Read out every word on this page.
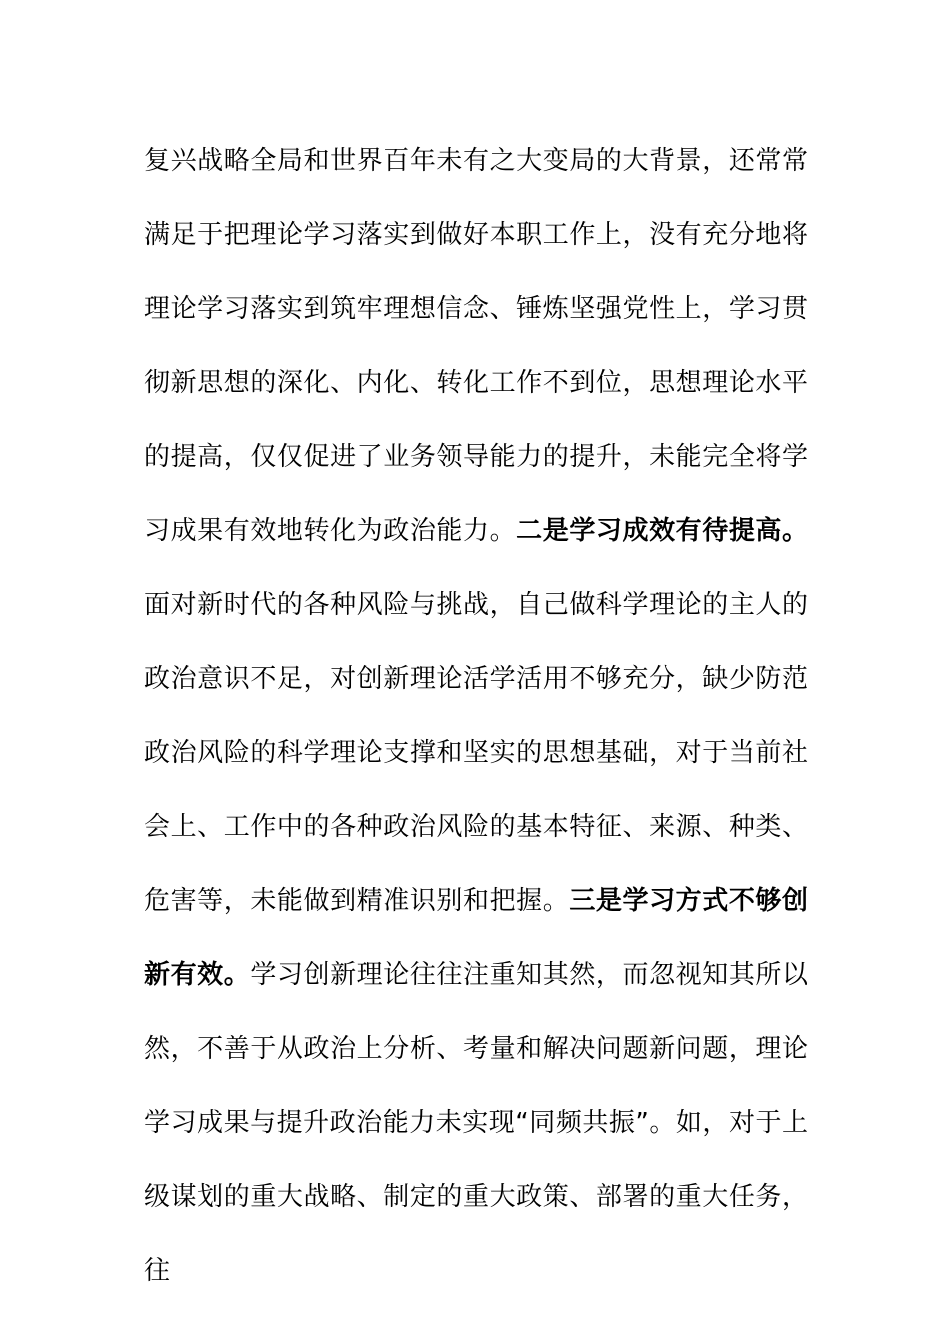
复兴战略全局和世界百年未有之大变局的大背景，还常常满足于把理论学习落实到做好本职工作上，没有充分地将理论学习落实到筑牢理想信念、锤炼坚强党性上，学习贯彻新思想的深化、内化、转化工作不到位，思想理论水平的提高，仅仅促进了业务领导能力的提升，未能完全将学习成果有效地转化为政治能力。二是学习成效有待提高。面对新时代的各种风险与挑战，自己做科学理论的主人的政治意识不足，对创新理论活学活用不够充分，缺少防范政治风险的科学理论支撑和坚实的思想基础，对于当前社会上、工作中的各种政治风险的基本特征、来源、种类、危害等，未能做到精准识别和把握。三是学习方式不够创新有效。学习创新理论往往注重知其然，而忽视知其所以然，不善于从政治上分析、考量和解决问题新问题，理论学习成果与提升政治能力未实现“同频共振”。如，对于上级谋划的重大战略、制定的重大政策、部署的重大任务，往
